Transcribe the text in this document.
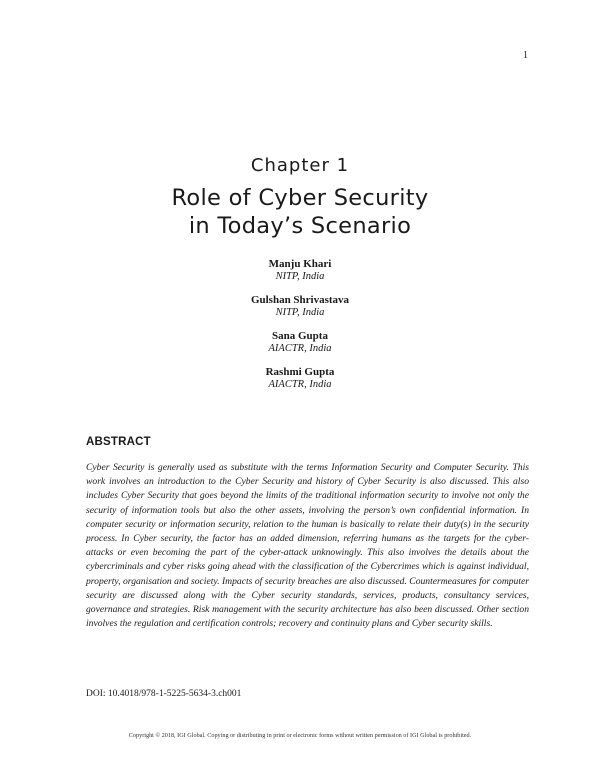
1
Chapter 1
Role of Cyber Security
in Today’s Scenario
Manju Khari
NITP, India
Gulshan Shrivastava
NITP, India
Sana Gupta
AIACTR, India
Rashmi Gupta
AIACTR, India
ABSTRACT
Cyber Security is generally used as substitute with the terms Information Security and Computer Security. This work involves an introduction to the Cyber Security and history of Cyber Security is also discussed. This also includes Cyber Security that goes beyond the limits of the traditional information security to involve not only the security of information tools but also the other assets, involving the person’s own confidential information. In computer security or information security, relation to the human is basically to relate their duty(s) in the security process. In Cyber security, the factor has an added dimension, referring humans as the targets for the cyber-attacks or even becoming the part of the cyber-attack unknowingly. This also involves the details about the cybercriminals and cyber risks going ahead with the classification of the Cybercrimes which is against individual, property, organisation and society. Impacts of security breaches are also discussed. Countermeasures for computer security are discussed along with the Cyber security standards, services, products, consultancy services, governance and strategies. Risk management with the security architecture has also been discussed. Other section involves the regulation and certification controls; recovery and continuity plans and Cyber security skills.
DOI: 10.4018/978-1-5225-5634-3.ch001
Copyright © 2018, IGI Global. Copying or distributing in print or electronic forms without written permission of IGI Global is prohibited.
